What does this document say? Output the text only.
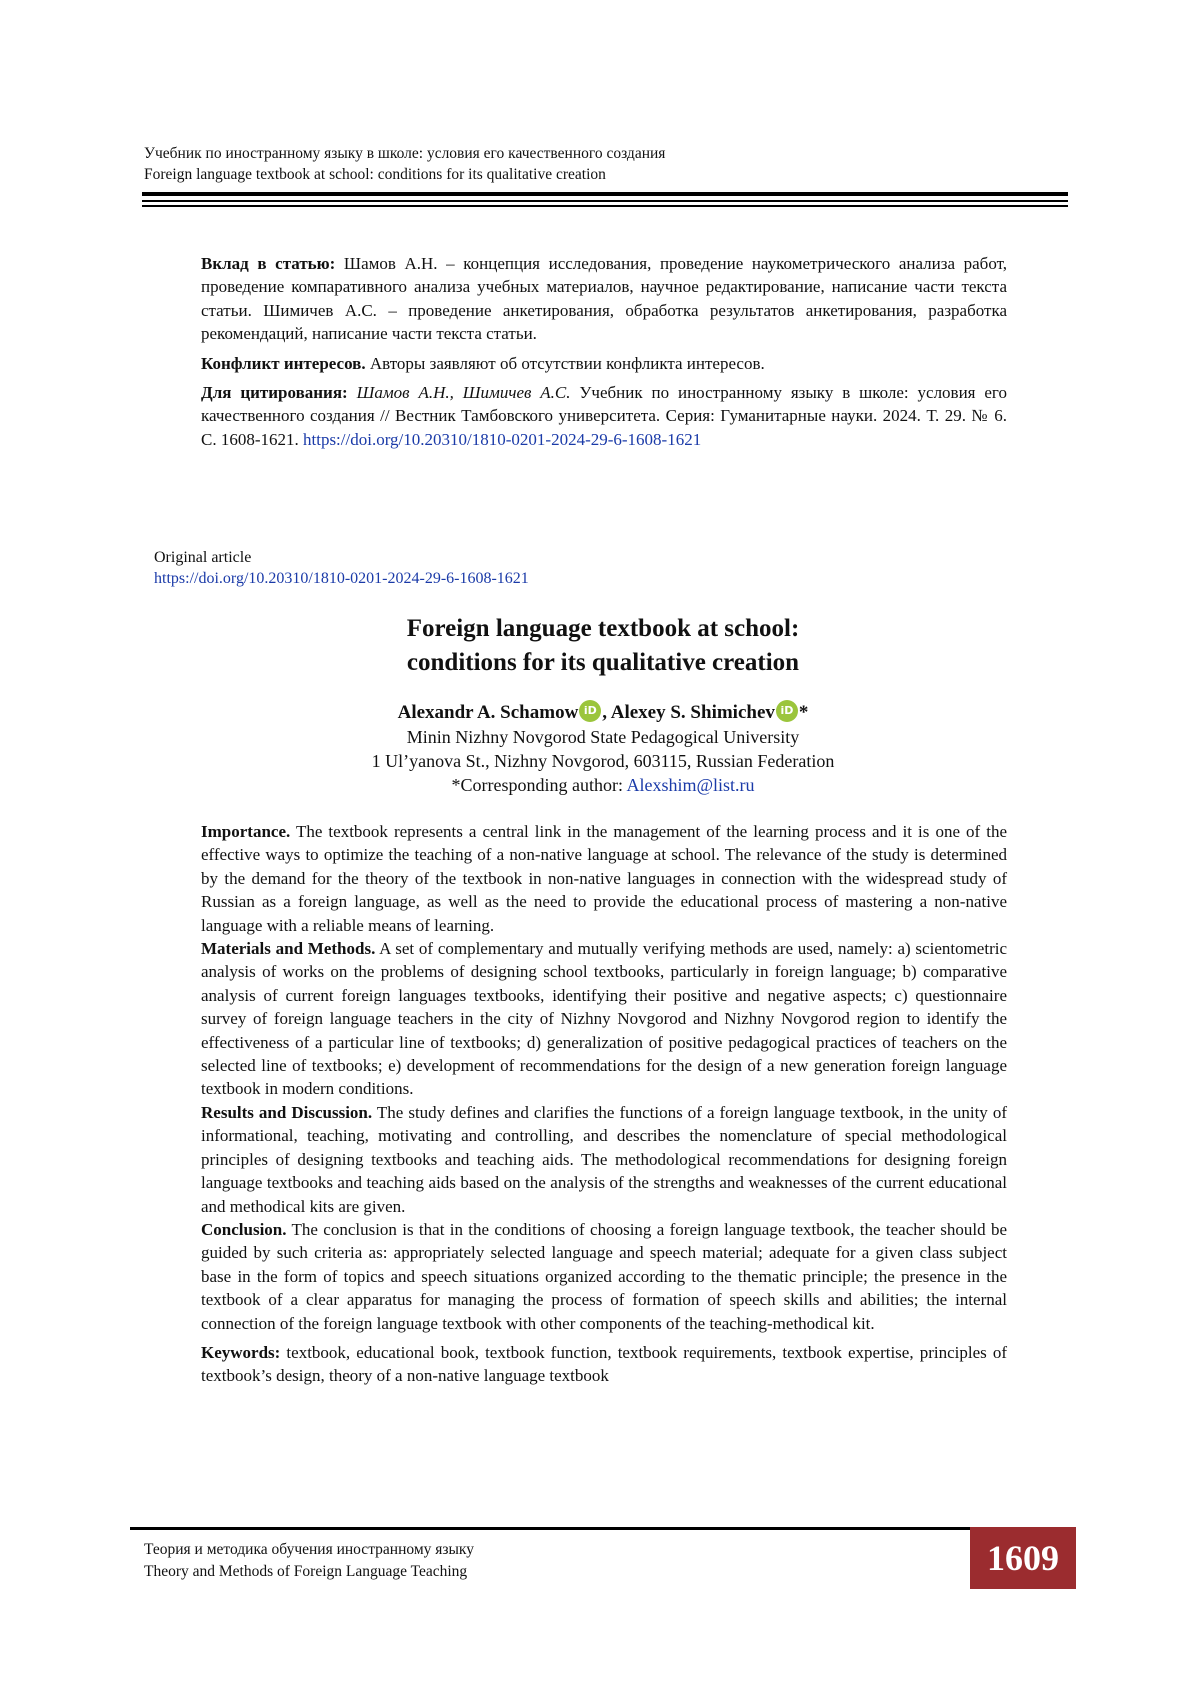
Учебник по иностранному языку в школе: условия его качественного создания
Foreign language textbook at school: conditions for its qualitative creation

Вклад в статью: Шамов А.Н. – концепция исследования, проведение наукометрического анализа работ, проведение компаративного анализа учебных материалов, научное редактирование, написание части текста статьи. Шимичев А.С. – проведение анкетирования, обработка результатов анкетирования, разработка рекомендаций, написание части текста статьи.

Конфликт интересов. Авторы заявляют об отсутствии конфликта интересов.

Для цитирования: Шамов А.Н., Шимичев А.С. Учебник по иностранному языку в школе: условия его качественного создания // Вестник Тамбовского университета. Серия: Гуманитарные науки. 2024. Т. 29. № 6. С. 1608-1621. https://doi.org/10.20310/1810-0201-2024-29-6-1608-1621

Original article
https://doi.org/10.20310/1810-0201-2024-29-6-1608-1621
Foreign language textbook at school:
conditions for its qualitative creation
Alexandr A. Schamow iD , Alexey S. Shimichev iD *
Minin Nizhny Novgorod State Pedagogical University
1 Ul’yanova St., Nizhny Novgorod, 603115, Russian Federation
*Corresponding author: Alexshim@list.ru

Importance. The textbook represents a central link in the management of the learning process and it is one of the effective ways to optimize the teaching of a non-native language at school. The relevance of the study is determined by the demand for the theory of the textbook in non-native languages in connection with the widespread study of Russian as a foreign language, as well as the need to provide the educational process of mastering a non-native language with a reliable means of learning.

Materials and Methods. A set of complementary and mutually verifying methods are used, namely: a) scientometric analysis of works on the problems of designing school textbooks, particularly in foreign language; b) comparative analysis of current foreign languages textbooks, identifying their positive and negative aspects; c) questionnaire survey of foreign language teachers in the city of Nizhny Novgorod and Nizhny Novgorod region to identify the effectiveness of a particular line of textbooks; d) generalization of positive pedagogical practices of teachers on the selected line of textbooks; e) development of recommendations for the design of a new generation foreign language textbook in modern conditions.

Results and Discussion. The study defines and clarifies the functions of a foreign language textbook, in the unity of informational, teaching, motivating and controlling, and describes the nomenclature of special methodological principles of designing textbooks and teaching aids. The methodological recommendations for designing foreign language textbooks and teaching aids based on the analysis of the strengths and weaknesses of the current educational and methodical kits are given.

Conclusion. The conclusion is that in the conditions of choosing a foreign language textbook, the teacher should be guided by such criteria as: appropriately selected language and speech material; adequate for a given class subject base in the form of topics and speech situations organized according to the thematic principle; the presence in the textbook of a clear apparatus for managing the process of formation of speech skills and abilities; the internal connection of the foreign language textbook with other components of the teaching-methodical kit.

Keywords: textbook, educational book, textbook function, textbook requirements, textbook expertise, principles of textbook’s design, theory of a non-native language textbook

Теория и методика обучения иностранному языку
Theory and Methods of Foreign Language Teaching	1609
